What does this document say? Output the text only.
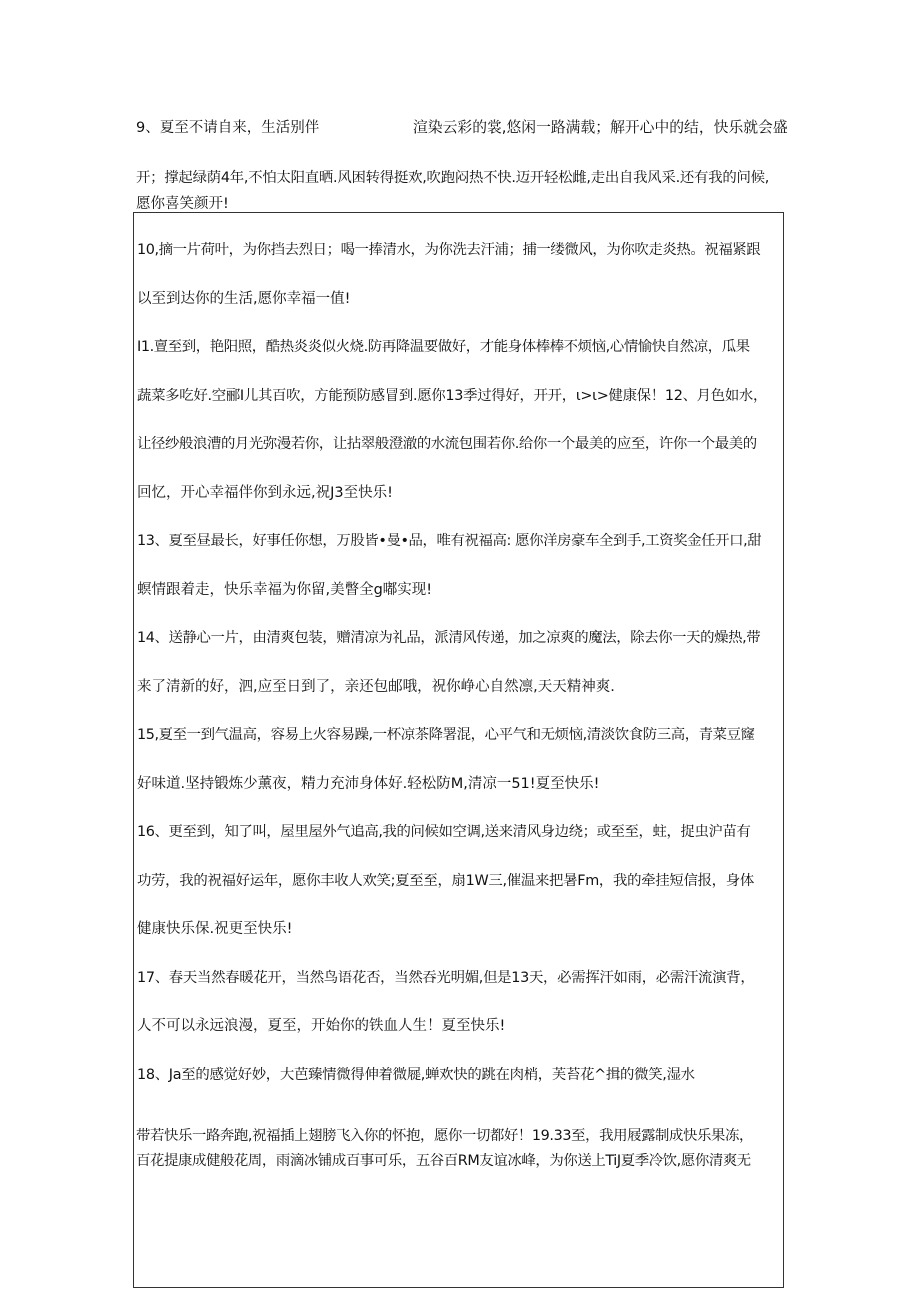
9、夏至不请自来，生活别伴	渲染云彩的裳,悠闲一路满载；解开心中的结，快乐就会盛
开；撑起绿荫4年,不怕太阳直晒.风困转得挺欢,吹跑闷热不快.迈开轻松雌,走出自我风采.还有我的问候,
愿你喜笑颜开!
10,摘一片荷叶，为你挡去烈日；喝一捧清水，为你洗去汗浦；捕一缕微风，为你吹走炎热。祝福紧跟
以至到达你的生活,愿你幸福一值!
I1.亶至到，艳阳照，酷热炎炎似火烧.防再降温要做好，才能身体棒棒不烦恼,心情愉快自然凉，瓜果
蔬菜多吃好.空郦I儿其百吹，方能预防感冒到.愿你13季过得好，开开，ι>ι>健康保！12、月色如水，
让径纱般浪漕的月光弥漫若你，让拈翠般澄澈的水流包围若你.给你一个最美的应至，许你一个最美的
回忆，开心幸福伴你到永远,祝J3至快乐!
13、夏至昼最长，好事任你想，万股皆•曼•品，唯有祝福高: 愿你洋房豪车全到手,工资奖金任开口,甜
螟情跟着走，快乐幸福为你留,美瞥全g嘟实现!
14、送静心一片，由清爽包装，赠清凉为礼品，派清风传递，加之凉爽的魔法，除去你一天的燥热,带
来了清新的好，泗,应至日到了，亲还包邮哦，祝你峥心自然凛,天天精神爽.
15,夏至一到气温高，容易上火容易躁,一杯凉茶降署混，心平气和无烦恼,清淡饮食防三高，青菜豆窿
好味道.坚持锻炼少薰夜，精力充沛身体好.轻松防M,清凉一51!夏至快乐!
16、更至到，知了叫，屋里屋外气追高,我的问候如空调,送来清风身边绕；或至至，蛀，捉虫沪苗有
功劳，我的祝福好运年，愿你丰收人欢笑;夏至至，扇1W三,催温来把暑Fm，我的牵挂短信报，身体
健康快乐保.祝更至快乐!
17、春天当然春暖花开，当然鸟语花否，当然吞光明媚,但是13天，必需挥汗如雨，必需汗流演背，
人不可以永远浪漫，夏至，开始你的铁血人生！夏至快乐!
18、Ja至的感觉好妙，大芭臻情微得伸着微屣,蝉欢快的跳在肉梢，芙苔花^揖的微笑,湿水
带若快乐一路奔跑,祝福插上翅膀飞入你的怀抱，愿你一切都好！19.33至，我用屐露制成快乐果冻，
百花提康成健般花周，雨滴冰铺成百事可乐，五谷百RM友谊冰峰，为你送上TiJ夏季冷饮,愿你清爽无
